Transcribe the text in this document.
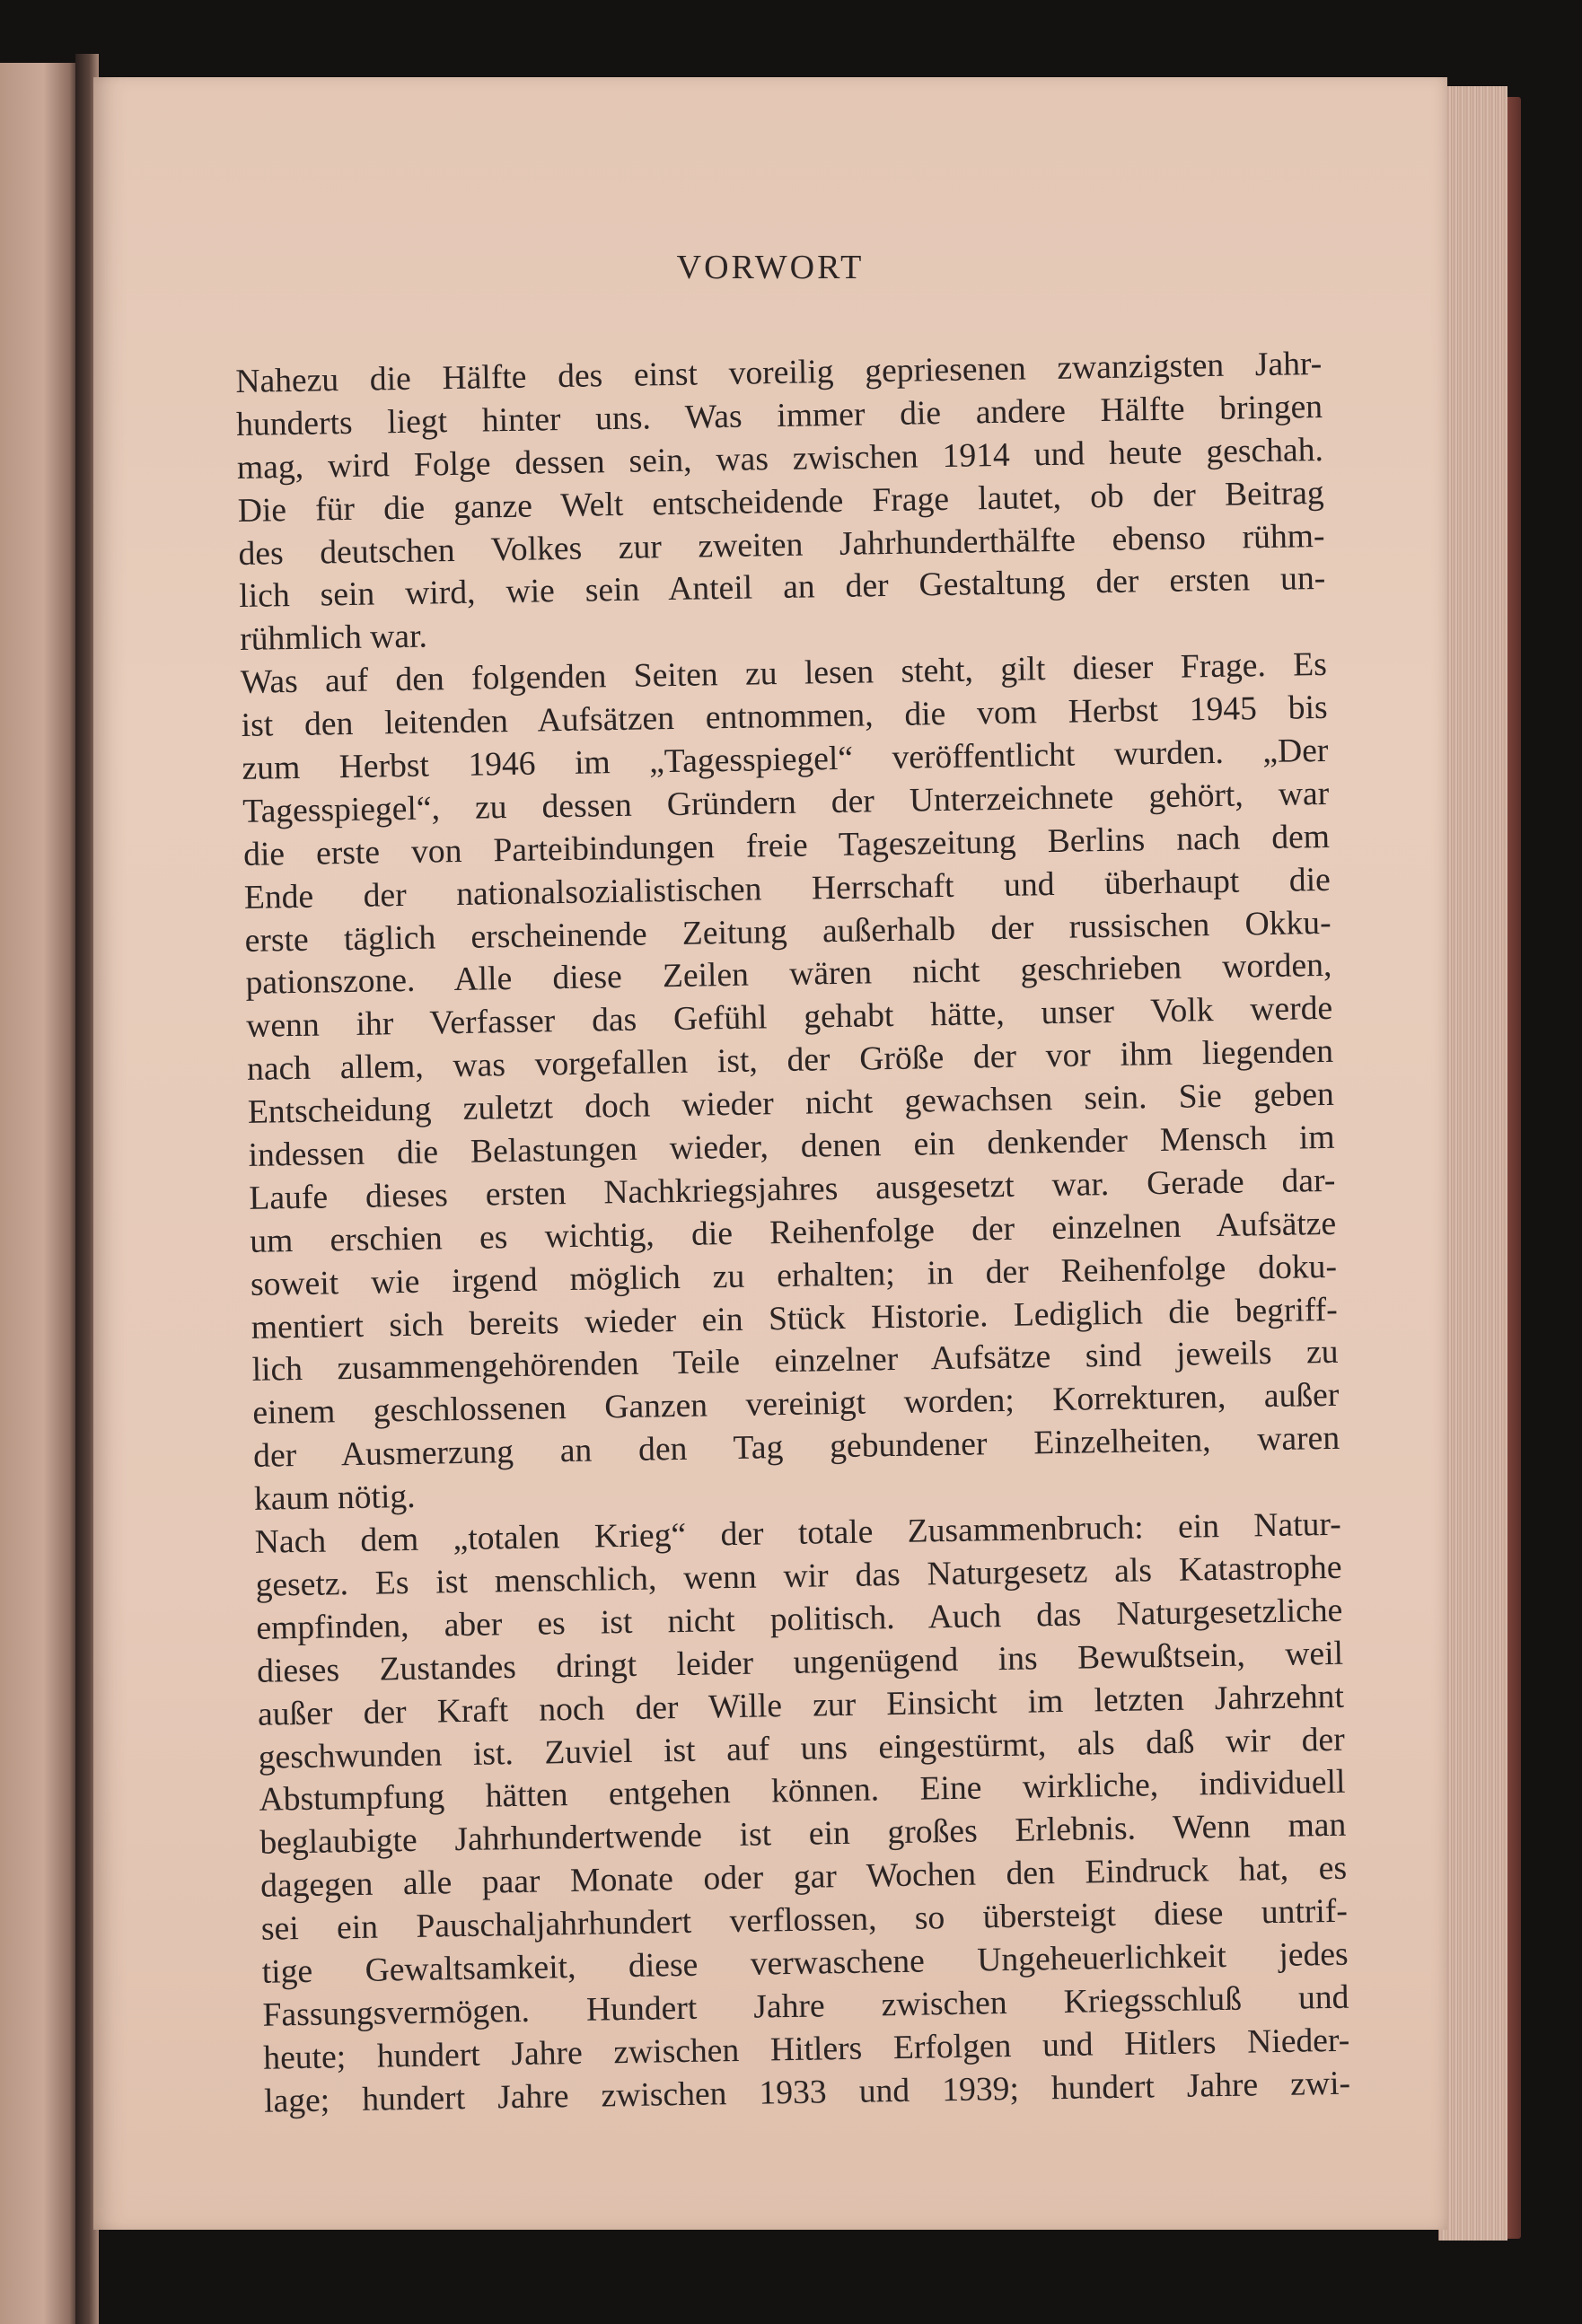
VORWORT
Nahezu die Hälfte des einst voreilig gepriesenen zwanzigsten Jahr-
hunderts liegt hinter uns. Was immer die andere Hälfte bringen
mag, wird Folge dessen sein, was zwischen 1914 und heute geschah.
Die für die ganze Welt entscheidende Frage lautet, ob der Beitrag
des deutschen Volkes zur zweiten Jahrhunderthälfte ebenso rühm-
lich sein wird, wie sein Anteil an der Gestaltung der ersten un-
rühmlich war.
Was auf den folgenden Seiten zu lesen steht, gilt dieser Frage. Es
ist den leitenden Aufsätzen entnommen, die vom Herbst 1945 bis
zum Herbst 1946 im „Tagesspiegel“ veröffentlicht wurden. „Der
Tagesspiegel“, zu dessen Gründern der Unterzeichnete gehört, war
die erste von Parteibindungen freie Tageszeitung Berlins nach dem
Ende der nationalsozialistischen Herrschaft und überhaupt die
erste täglich erscheinende Zeitung außerhalb der russischen Okku-
pationszone. Alle diese Zeilen wären nicht geschrieben worden,
wenn ihr Verfasser das Gefühl gehabt hätte, unser Volk werde
nach allem, was vorgefallen ist, der Größe der vor ihm liegenden
Entscheidung zuletzt doch wieder nicht gewachsen sein. Sie geben
indessen die Belastungen wieder, denen ein denkender Mensch im
Laufe dieses ersten Nachkriegsjahres ausgesetzt war. Gerade dar-
um erschien es wichtig, die Reihenfolge der einzelnen Aufsätze
soweit wie irgend möglich zu erhalten; in der Reihenfolge doku-
mentiert sich bereits wieder ein Stück Historie. Lediglich die begriff-
lich zusammengehörenden Teile einzelner Aufsätze sind jeweils zu
einem geschlossenen Ganzen vereinigt worden; Korrekturen, außer
der Ausmerzung an den Tag gebundener Einzelheiten, waren
kaum nötig.
Nach dem „totalen Krieg“ der totale Zusammenbruch: ein Natur-
gesetz. Es ist menschlich, wenn wir das Naturgesetz als Katastrophe
empfinden, aber es ist nicht politisch. Auch das Naturgesetzliche
dieses Zustandes dringt leider ungenügend ins Bewußtsein, weil
außer der Kraft noch der Wille zur Einsicht im letzten Jahrzehnt
geschwunden ist. Zuviel ist auf uns eingestürmt, als daß wir der
Abstumpfung hätten entgehen können. Eine wirkliche, individuell
beglaubigte Jahrhundertwende ist ein großes Erlebnis. Wenn man
dagegen alle paar Monate oder gar Wochen den Eindruck hat, es
sei ein Pauschaljahrhundert verflossen, so übersteigt diese untrif-
tige Gewaltsamkeit, diese verwaschene Ungeheuerlichkeit jedes
Fassungsvermögen. Hundert Jahre zwischen Kriegsschluß und
heute; hundert Jahre zwischen Hitlers Erfolgen und Hitlers Nieder-
lage; hundert Jahre zwischen 1933 und 1939; hundert Jahre zwi-
